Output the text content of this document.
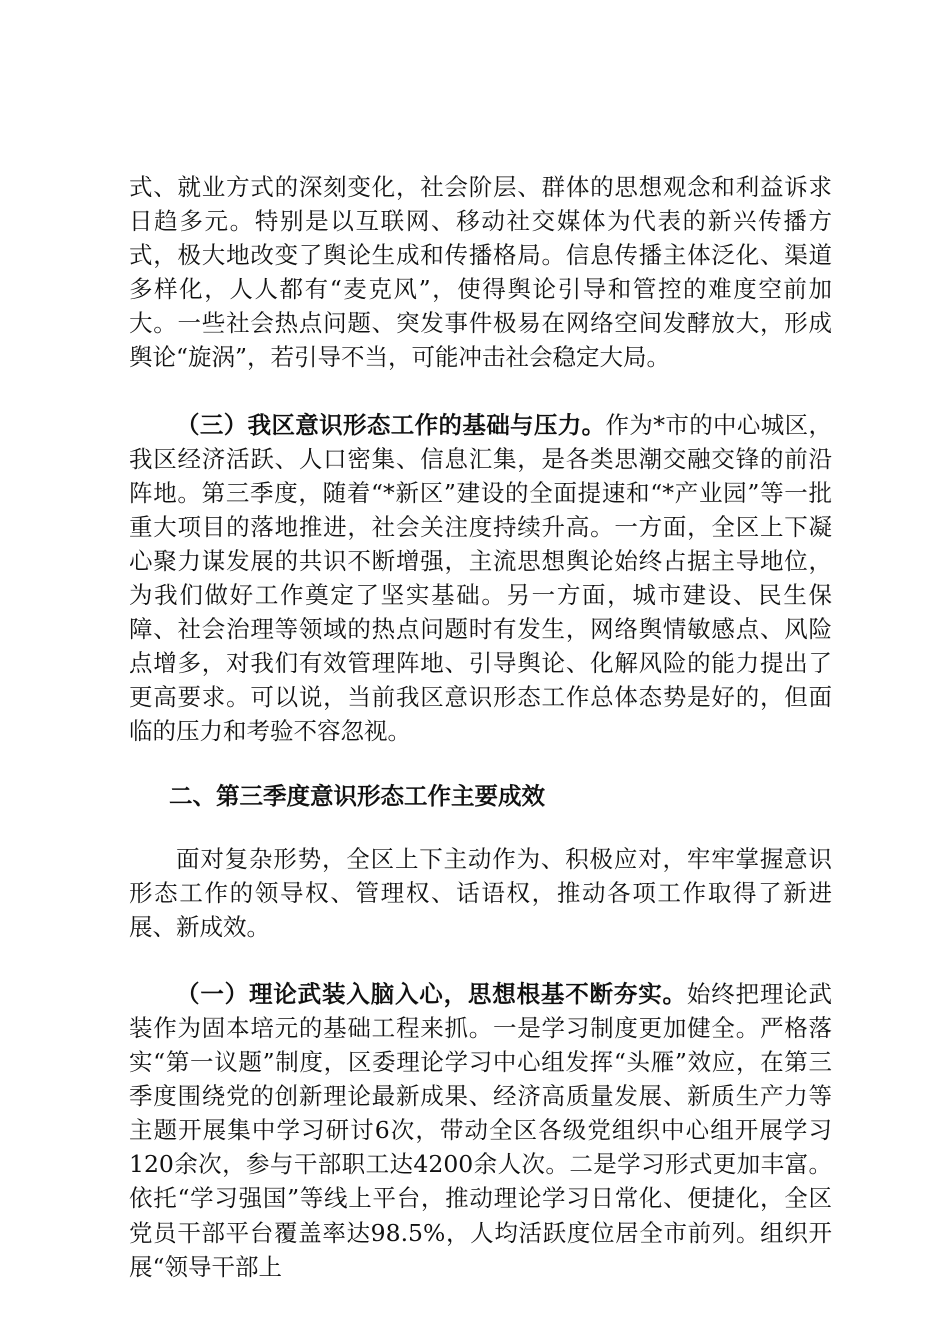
式、就业方式的深刻变化，社会阶层、群体的思想观念和利益诉求日趋多元。特别是以互联网、移动社交媒体为代表的新兴传播方式，极大地改变了舆论生成和传播格局。信息传播主体泛化、渠道多样化，人人都有“麦克风”，使得舆论引导和管控的难度空前加大。一些社会热点问题、突发事件极易在网络空间发酵放大，形成舆论“旋涡”，若引导不当，可能冲击社会稳定大局。

（三）我区意识形态工作的基础与压力。作为*市的中心城区，我区经济活跃、人口密集、信息汇集，是各类思潮交融交锋的前沿阵地。第三季度，随着“*新区”建设的全面提速和“*产业园”等一批重大项目的落地推进，社会关注度持续升高。一方面，全区上下凝心聚力谋发展的共识不断增强，主流思想舆论始终占据主导地位，为我们做好工作奠定了坚实基础。另一方面，城市建设、民生保障、社会治理等领域的热点问题时有发生，网络舆情敏感点、风险点增多，对我们有效管理阵地、引导舆论、化解风险的能力提出了更高要求。可以说，当前我区意识形态工作总体态势是好的，但面临的压力和考验不容忽视。

二、第三季度意识形态工作主要成效

面对复杂形势，全区上下主动作为、积极应对，牢牢掌握意识形态工作的领导权、管理权、话语权，推动各项工作取得了新进展、新成效。

（一）理论武装入脑入心，思想根基不断夯实。始终把理论武装作为固本培元的基础工程来抓。一是学习制度更加健全。严格落实“第一议题”制度，区委理论学习中心组发挥“头雁”效应，在第三季度围绕党的创新理论最新成果、经济高质量发展、新质生产力等主题开展集中学习研讨6次，带动全区各级党组织中心组开展学习120余次，参与干部职工达4200余人次。二是学习形式更加丰富。依托“学习强国”等线上平台，推动理论学习日常化、便捷化，全区党员干部平台覆盖率达98.5%，人均活跃度位居全市前列。组织开展“领导干部上
